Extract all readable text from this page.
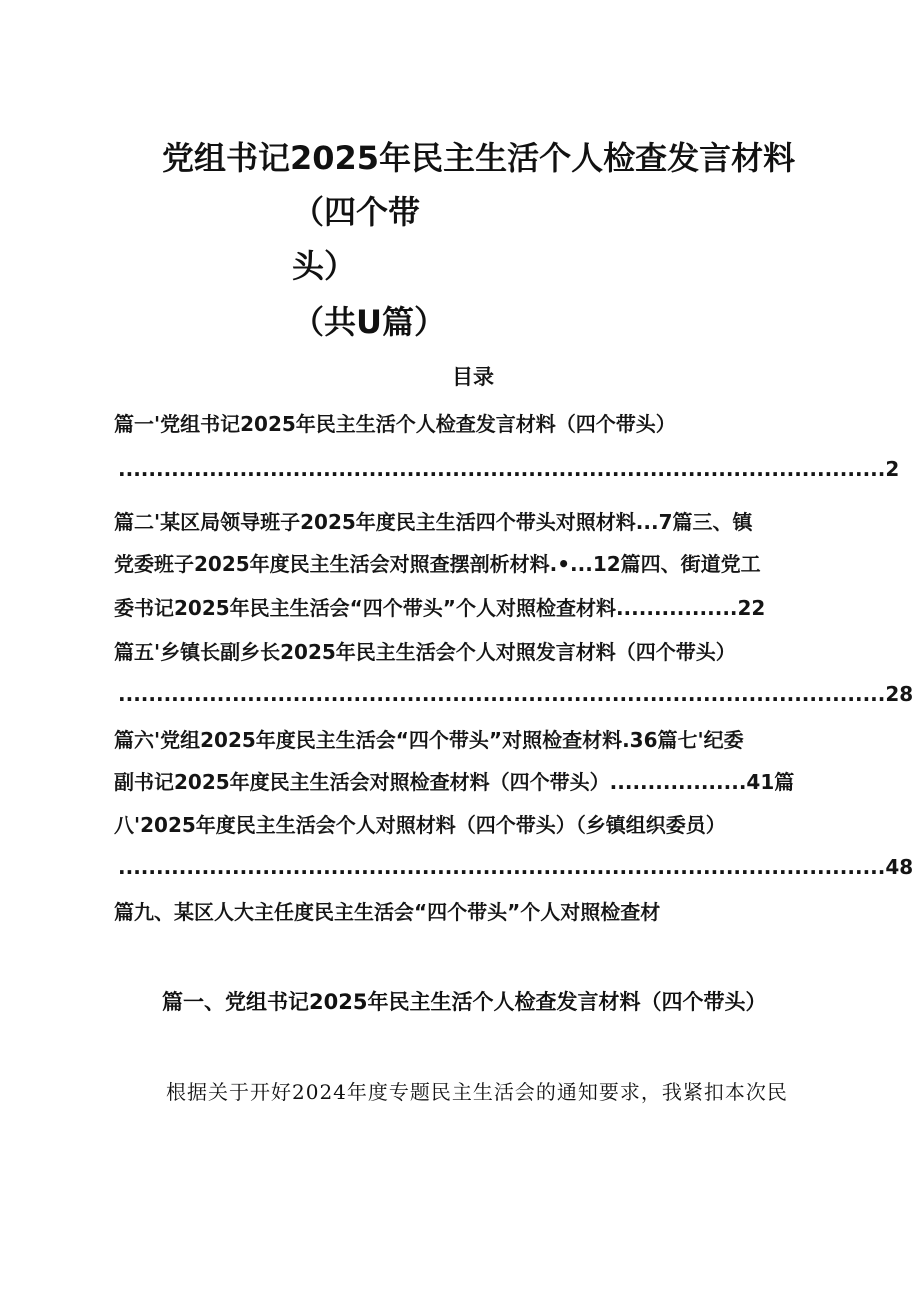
党组书记2025年民主生活个人检查发言材料
（四个带
头）
（共U篇）
目录
篇一'党组书记2025年民主生活个人检查发言材料（四个带头）
.....................................................................................................2
篇二'某区局领导班子2025年度民主生活四个带头对照材料...7篇三、镇
党委班子2025年度民主生活会对照查摆剖析材料.•...12篇四、街道党工
委书记2025年民主生活会“四个带头”个人对照检查材料................22
篇五'乡镇长副乡长2025年民主生活会个人对照发言材料（四个带头）
.....................................................................................................28
篇六'党组2025年度民主生活会“四个带头”对照检查材料.36篇七'纪委
副书记2025年度民主生活会对照检查材料（四个带头）..................41篇
八'2025年度民主生活会个人对照材料（四个带头）（乡镇组织委员）
.....................................................................................................48
篇九、某区人大主任度民主生活会“四个带头”个人对照检查材
篇一、党组书记2025年民主生活个人检查发言材料（四个带头）
根据关于开好2024年度专题民主生活会的通知要求，我紧扣本次民
